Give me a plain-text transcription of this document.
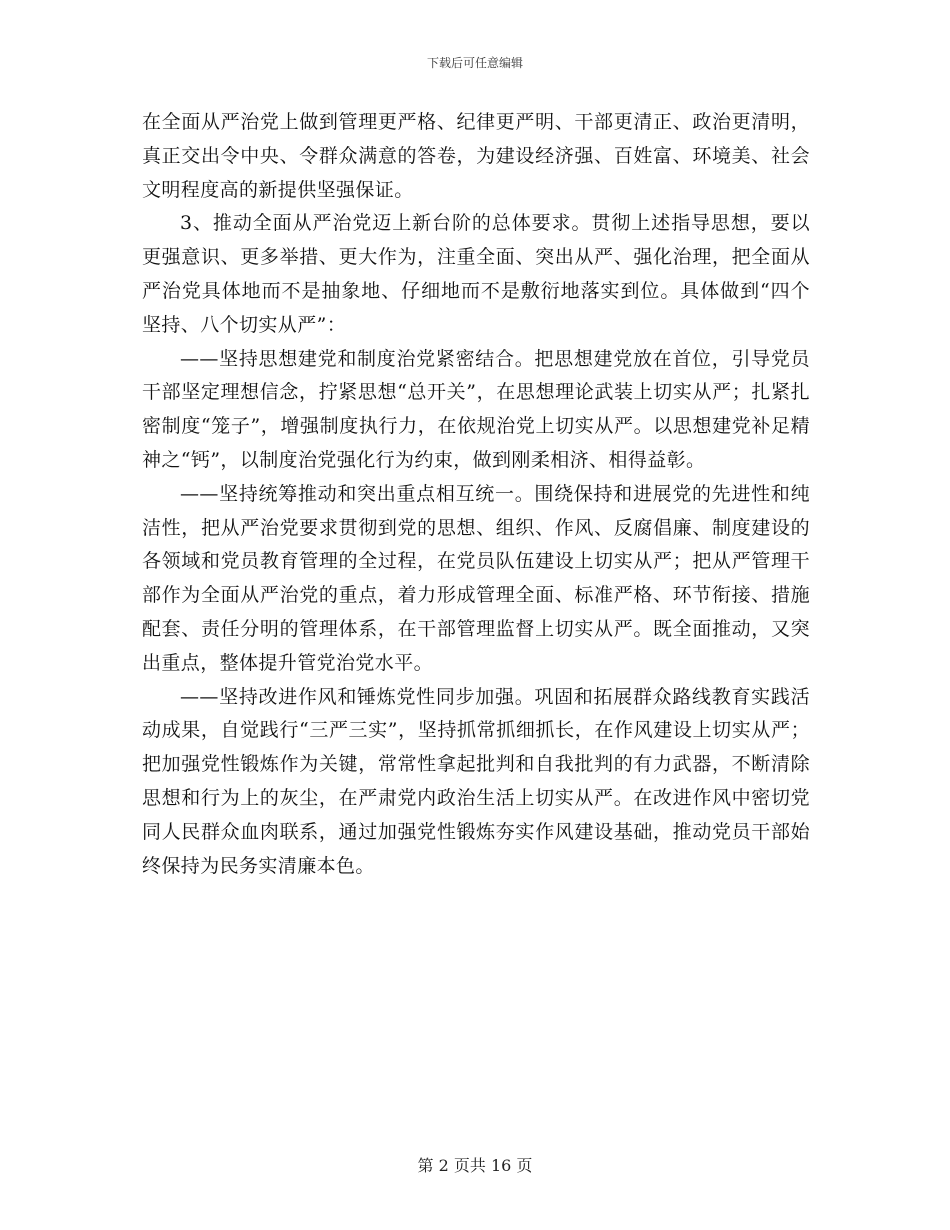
下载后可任意编辑

在全面从严治党上做到管理更严格、纪律更严明、干部更清正、政治更清明，真正交出令中央、令群众满意的答卷，为建设经济强、百姓富、环境美、社会文明程度高的新提供坚强保证。

3、推动全面从严治党迈上新台阶的总体要求。贯彻上述指导思想，要以更强意识、更多举措、更大作为，注重全面、突出从严、强化治理，把全面从严治党具体地而不是抽象地、仔细地而不是敷衍地落实到位。具体做到“四个坚持、八个切实从严”：

——坚持思想建党和制度治党紧密结合。把思想建党放在首位，引导党员干部坚定理想信念，拧紧思想“总开关”，在思想理论武装上切实从严；扎紧扎密制度“笼子”，增强制度执行力，在依规治党上切实从严。以思想建党补足精神之“钙”，以制度治党强化行为约束，做到刚柔相济、相得益彰。

——坚持统筹推动和突出重点相互统一。围绕保持和进展党的先进性和纯洁性，把从严治党要求贯彻到党的思想、组织、作风、反腐倡廉、制度建设的各领域和党员教育管理的全过程，在党员队伍建设上切实从严；把从严管理干部作为全面从严治党的重点，着力形成管理全面、标准严格、环节衔接、措施配套、责任分明的管理体系，在干部管理监督上切实从严。既全面推动，又突出重点，整体提升管党治党水平。

——坚持改进作风和锤炼党性同步加强。巩固和拓展群众路线教育实践活动成果，自觉践行“三严三实”，坚持抓常抓细抓长，在作风建设上切实从严；把加强党性锻炼作为关键，常常性拿起批判和自我批判的有力武器，不断清除思想和行为上的灰尘，在严肃党内政治生活上切实从严。在改进作风中密切党同人民群众血肉联系，通过加强党性锻炼夯实作风建设基础，推动党员干部始终保持为民务实清廉本色。

第 2 页共 16 页
